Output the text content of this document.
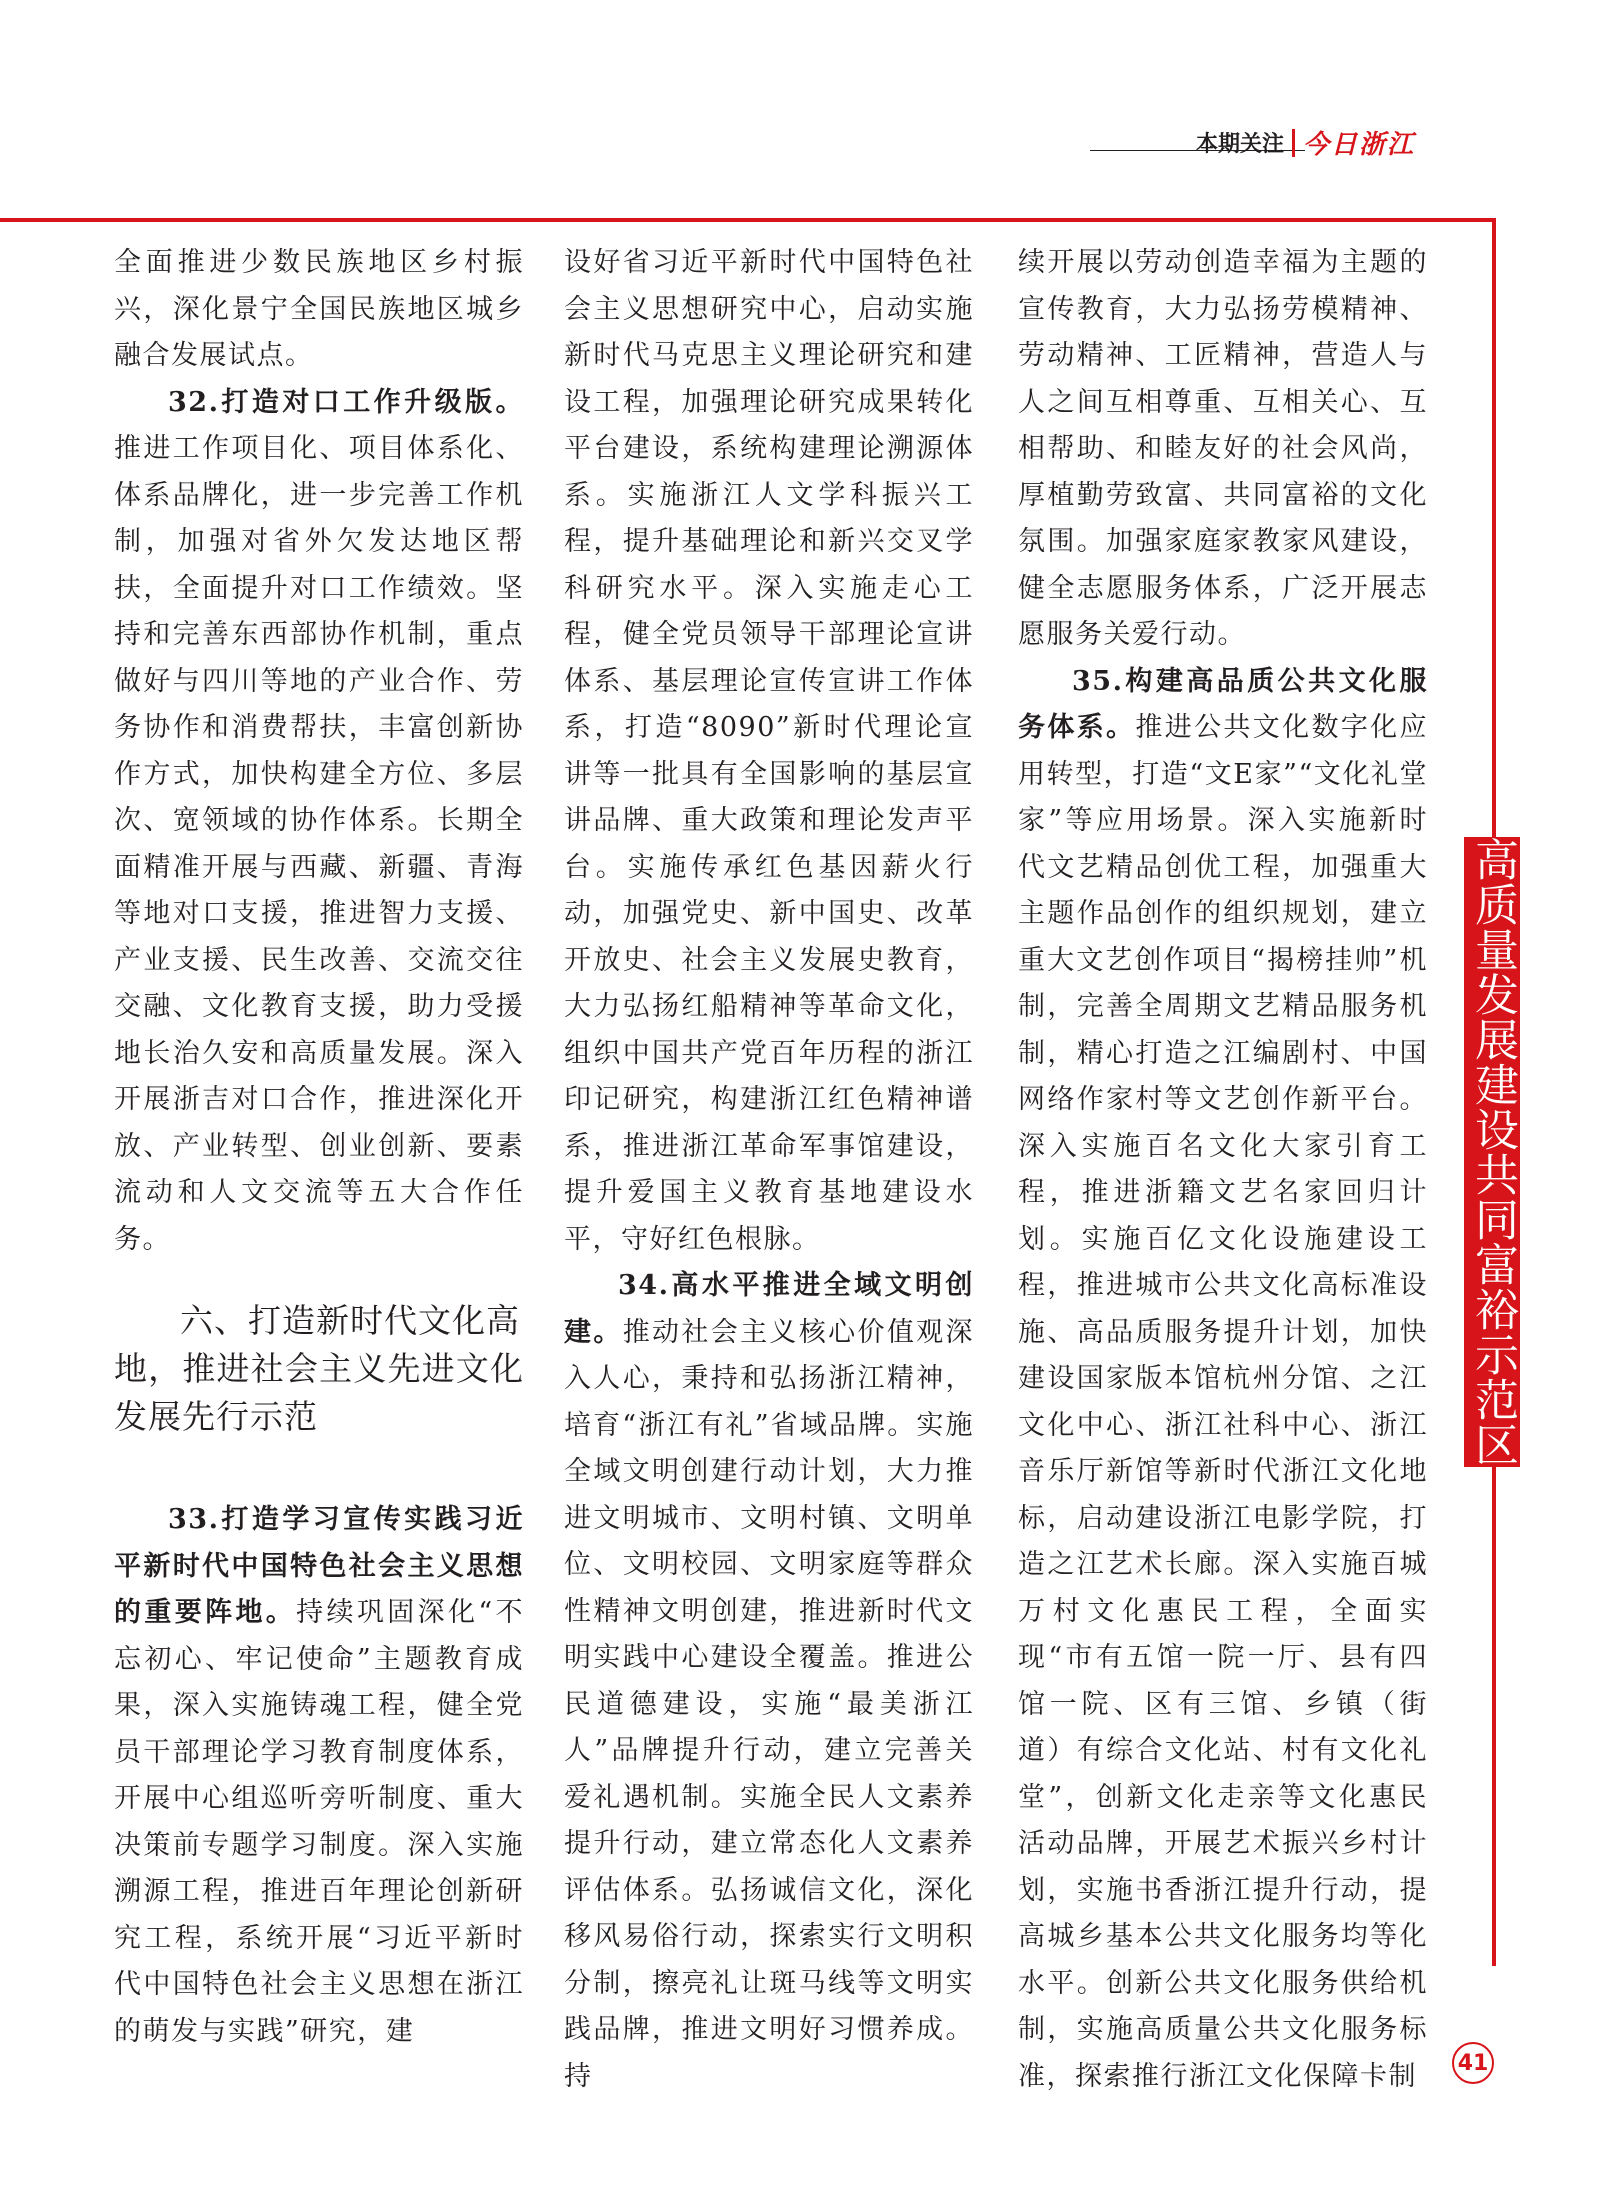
本期关注 今日浙江
高质量发展建设共同富裕示范区

全面推进少数民族地区乡村振兴，深化景宁全国民族地区城乡融合发展试点。

32.打造对口工作升级版。推进工作项目化、项目体系化、体系品牌化，进一步完善工作机制，加强对省外欠发达地区帮扶，全面提升对口工作绩效。坚持和完善东西部协作机制，重点做好与四川等地的产业合作、劳务协作和消费帮扶，丰富创新协作方式，加快构建全方位、多层次、宽领域的协作体系。长期全面精准开展与西藏、新疆、青海等地对口支援，推进智力支援、产业支援、民生改善、交流交往交融、文化教育支援，助力受援地长治久安和高质量发展。深入开展浙吉对口合作，推进深化开放、产业转型、创业创新、要素流动和人文交流等五大合作任务。

六、打造新时代文化高
地，推进社会主义先进文化发展先行示范

33.打造学习宣传实践习近平新时代中国特色社会主义思想的重要阵地。持续巩固深化“不忘初心、牢记使命”主题教育成果，深入实施铸魂工程，健全党员干部理论学习教育制度体系，开展中心组巡听旁听制度、重大决策前专题学习制度。深入实施溯源工程，推进百年理论创新研究工程，系统开展“习近平新时代中国特色社会主义思想在浙江的萌发与实践”研究，建

设好省习近平新时代中国特色社会主义思想研究中心，启动实施新时代马克思主义理论研究和建设工程，加强理论研究成果转化平台建设，系统构建理论溯源体系。实施浙江人文学科振兴工程，提升基础理论和新兴交叉学科研究水平。深入实施走心工程，健全党员领导干部理论宣讲体系、基层理论宣传宣讲工作体系，打造“8090”新时代理论宣讲等一批具有全国影响的基层宣讲品牌、重大政策和理论发声平台。实施传承红色基因薪火行动，加强党史、新中国史、改革开放史、社会主义发展史教育，大力弘扬红船精神等革命文化，组织中国共产党百年历程的浙江印记研究，构建浙江红色精神谱系，推进浙江革命军事馆建设，提升爱国主义教育基地建设水平，守好红色根脉。

34.高水平推进全域文明创建。推动社会主义核心价值观深入人心，秉持和弘扬浙江精神，培育“浙江有礼”省域品牌。实施全域文明创建行动计划，大力推进文明城市、文明村镇、文明单位、文明校园、文明家庭等群众性精神文明创建，推进新时代文明实践中心建设全覆盖。推进公民道德建设，实施“最美浙江人”品牌提升行动，建立完善关爱礼遇机制。实施全民人文素养提升行动，建立常态化人文素养评估体系。弘扬诚信文化，深化移风易俗行动，探索实行文明积分制，擦亮礼让斑马线等文明实践品牌，推进文明好习惯养成。持

续开展以劳动创造幸福为主题的宣传教育，大力弘扬劳模精神、劳动精神、工匠精神，营造人与人之间互相尊重、互相关心、互相帮助、和睦友好的社会风尚，厚植勤劳致富、共同富裕的文化氛围。加强家庭家教家风建设，健全志愿服务体系，广泛开展志愿服务关爱行动。

35.构建高品质公共文化服务体系。推进公共文化数字化应用转型，打造“文E家”“文化礼堂家”等应用场景。深入实施新时代文艺精品创优工程，加强重大主题作品创作的组织规划，建立重大文艺创作项目“揭榜挂帅”机制，完善全周期文艺精品服务机制，精心打造之江编剧村、中国网络作家村等文艺创作新平台。深入实施百名文化大家引育工程，推进浙籍文艺名家回归计划。实施百亿文化设施建设工程，推进城市公共文化高标准设施、高品质服务提升计划，加快建设国家版本馆杭州分馆、之江文化中心、浙江社科中心、浙江音乐厅新馆等新时代浙江文化地标，启动建设浙江电影学院，打造之江艺术长廊。深入实施百城万村文化惠民工程，全面实现“市有五馆一院一厅、县有四馆一院、区有三馆、乡镇（街道）有综合文化站、村有文化礼堂”，创新文化走亲等文化惠民活动品牌，开展艺术振兴乡村计划，实施书香浙江提升行动，提高城乡基本公共文化服务均等化水平。创新公共文化服务供给机制，实施高质量公共文化服务标准，探索推行浙江文化保障卡制	41
